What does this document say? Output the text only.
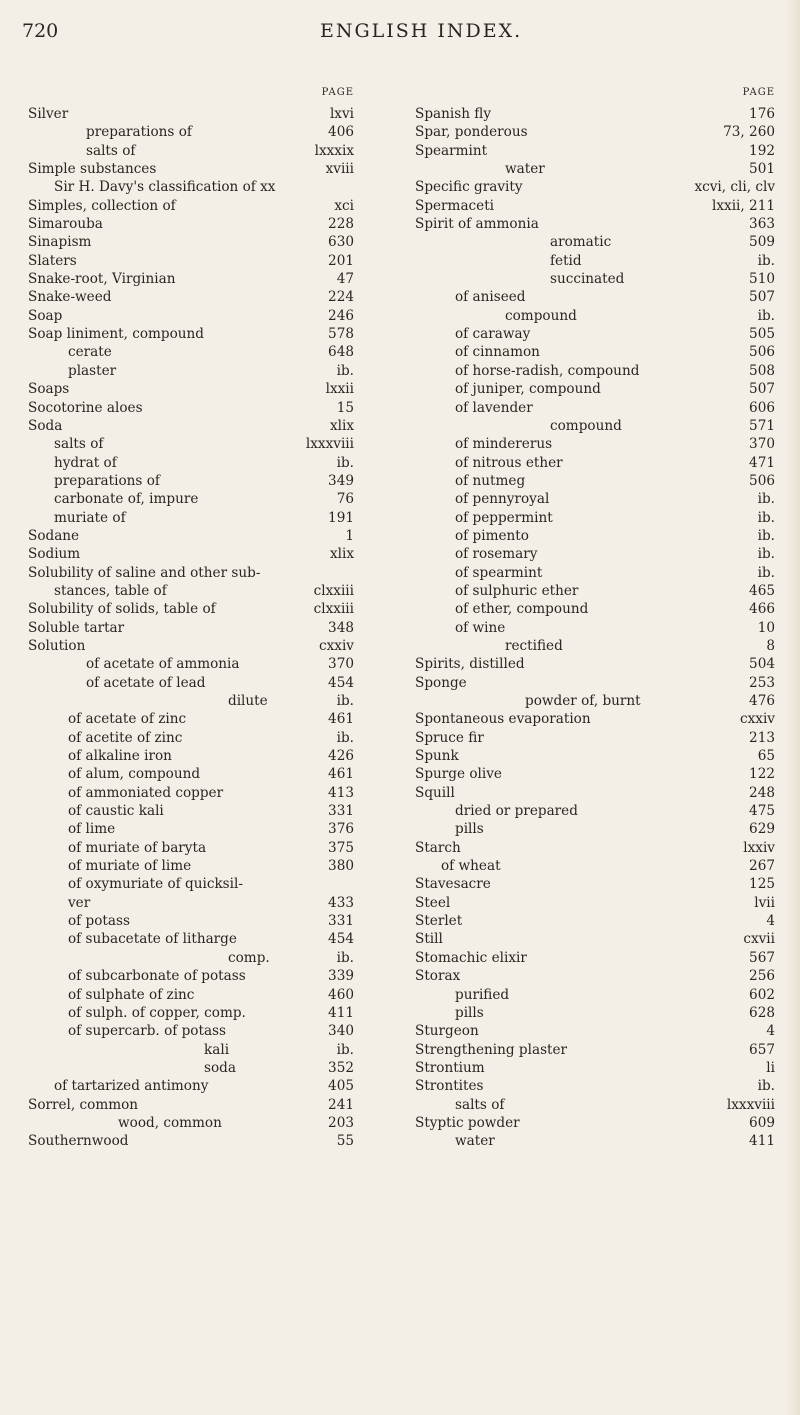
720	ENGLISH INDEX.
PAGE
Silver	lxvi
preparations of	406
salts of	lxxxix
Simple substances	xviii
Sir H. Davy's classification of xx
Simples, collection of	xci
Simarouba	228
Sinapism	630
Slaters	201
Snake-root, Virginian	47
Snake-weed	224
Soap	246
Soap liniment, compound	578
cerate	648
plaster	ib.
Soaps	lxxii
Socotorine aloes	15
Soda	xlix
salts of	lxxxviii
hydrat of	ib.
preparations of	349
carbonate of, impure	76
muriate of	191
Sodane	1
Sodium	xlix
Solubility of saline and other sub-
stances, table of	clxxiii
Solubility of solids, table of	clxxiii
Soluble tartar	348
Solution	cxxiv
of acetate of ammonia	370
of acetate of lead	454
dilute	ib.
of acetate of zinc	461
of acetite of zinc	ib.
of alkaline iron	426
of alum, compound	461
of ammoniated copper	413
of caustic kali	331
of lime	376
of muriate of baryta	375
of muriate of lime	380
of oxymuriate of quicksil-
ver	433
of potass	331
of subacetate of litharge	454
comp.	ib.
of subcarbonate of potass	339
of sulphate of zinc	460
of sulph. of copper, comp.	411
of supercarb. of potass	340
kali	ib.
soda	352
of tartarized antimony	405
Sorrel, common	241
wood, common	203
Southernwood	55
PAGE
Spanish fly	176
Spar, ponderous	73, 260
Spearmint	192
water	501
Specific gravity	xcvi, cli, clv
Spermaceti	lxxii, 211
Spirit of ammonia	363
aromatic	509
fetid	ib.
succinated	510
of aniseed	507
compound	ib.
of caraway	505
of cinnamon	506
of horse-radish, compound	508
of juniper, compound	507
of lavender	606
compound	571
of mindererus	370
of nitrous ether	471
of nutmeg	506
of pennyroyal	ib.
of peppermint	ib.
of pimento	ib.
of rosemary	ib.
of spearmint	ib.
of sulphuric ether	465
of ether, compound	466
of wine	10
rectified	8
Spirits, distilled	504
Sponge	253
powder of, burnt	476
Spontaneous evaporation	cxxiv
Spruce fir	213
Spunk	65
Spurge olive	122
Squill	248
dried or prepared	475
pills	629
Starch	lxxiv
of wheat	267
Stavesacre	125
Steel	lvii
Sterlet	4
Still	cxvii
Stomachic elixir	567
Storax	256
purified	602
pills	628
Sturgeon	4
Strengthening plaster	657
Strontium	li
Strontites	ib.
salts of	lxxxviii
Styptic powder	609
water	411
